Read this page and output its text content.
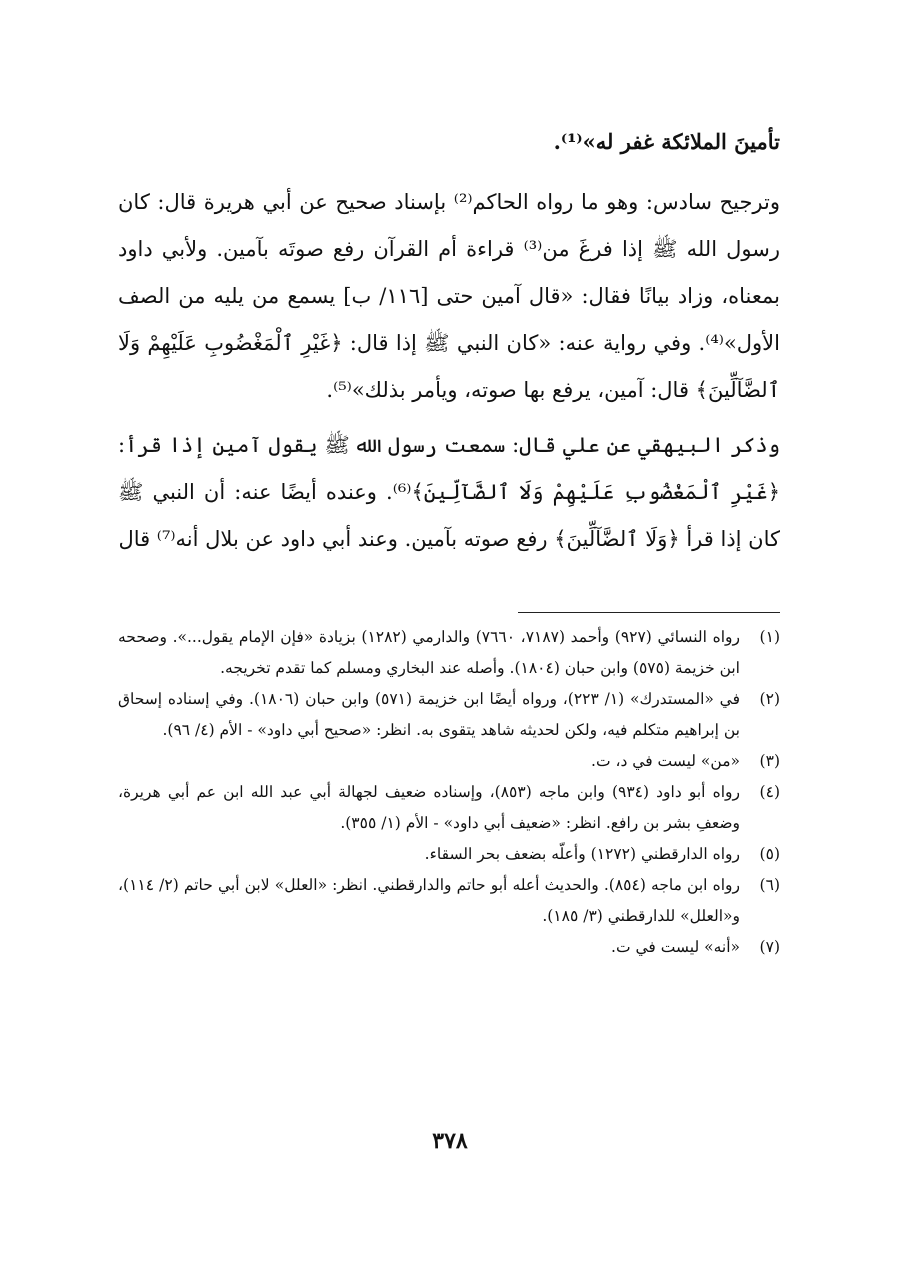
تأمينَ الملائكة غفر له»⁽¹⁾.

وترجيح سادس: وهو ما رواه الحاكم⁽²⁾ بإسناد صحيح عن أبي هريرة قال: كان رسول الله ﷺ إذا فرغَ من⁽³⁾ قراءة أم القرآن رفع صوتَه بآمين. ولأبي داود بمعناه، وزاد بيانًا فقال: «قال آمين حتى [١١٦/ ب] يسمع من يليه من الصف الأول»⁽⁴⁾. وفي رواية عنه: «كان النبي ﷺ إذا قال: ﴿غَيْرِ ٱلْمَغْضُوبِ عَلَيْهِمْ وَلَا ٱلضَّآلِّينَ﴾ قال: آمين، يرفع بها صوته، ويأمر بذلك»⁽⁵⁾.

وذكر البيهقي عن علي قال: سمعت رسول الله ﷺ يقول آمين إذا قرأ: ﴿غَيْرِ ٱلْمَغْضُوبِ عَلَيْهِمْ وَلَا ٱلضَّآلِّينَ﴾⁽⁶⁾. وعنده أيضًا عنه: أن النبي ﷺ كان إذا قرأ ﴿وَلَا ٱلضَّآلِّينَ﴾ رفع صوته بآمين. وعند أبي داود عن بلال أنه⁽⁷⁾ قال

(١)
رواه النسائي (٩٢٧) وأحمد (٧١٨٧، ٧٦٦٠) والدارمي (١٢٨٢) بزيادة «فإن الإمام يقول...». وصححه ابن خزيمة (٥٧٥) وابن حبان (١٨٠٤). وأصله عند البخاري ومسلم كما تقدم تخريجه.
(٢)
في «المستدرك» (١/ ٢٢٣)، ورواه أيضًا ابن خزيمة (٥٧١) وابن حبان (١٨٠٦). وفي إسناده إسحاق بن إبراهيم متكلم فيه، ولكن لحديثه شاهد يتقوى به. انظر: «صحيح أبي داود» - الأم (٤/ ٩٦).
(٣)
«من» ليست في د، ت.
(٤)
رواه أبو داود (٩٣٤) وابن ماجه (٨٥٣)، وإسناده ضعيف لجهالة أبي عبد الله ابن عم أبي هريرة، وضعفِ بشر بن رافع. انظر: «ضعيف أبي داود» - الأم (١/ ٣٥٥).
(٥)
رواه الدارقطني (١٢٧٢) وأعلّه بضعف بحر السقاء.
(٦)
رواه ابن ماجه (٨٥٤). والحديث أعله أبو حاتم والدارقطني. انظر: «العلل» لابن أبي حاتم (٢/ ١١٤)، و«العلل» للدارقطني (٣/ ١٨٥).
(٧)
«أنه» ليست في ت.
٣٧٨
